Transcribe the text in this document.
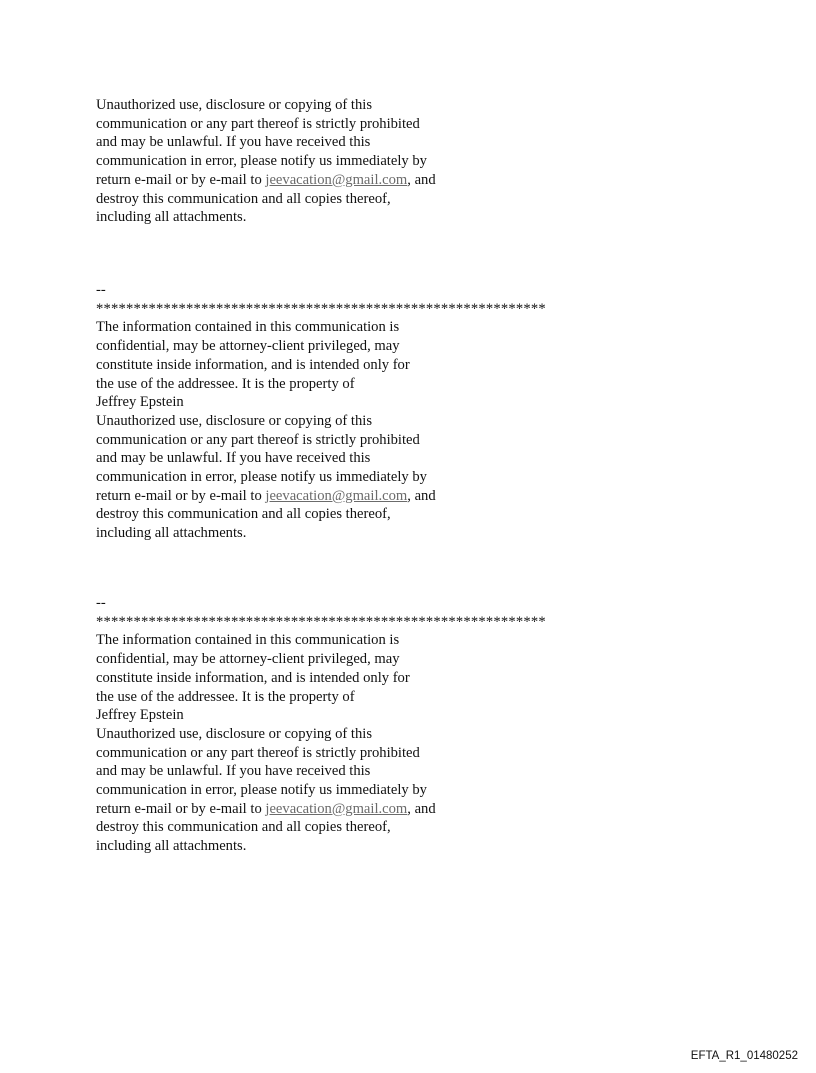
Unauthorized use, disclosure or copying of this
communication or any part thereof is strictly prohibited
and may be unlawful. If you have received this
communication in error, please notify us immediately by
return e-mail or by e-mail to jeevacation@gmail.com, and
destroy this communication and all copies thereof,
including all attachments.
--
************************************************************
The information contained in this communication is
confidential, may be attorney-client privileged, may
constitute inside information, and is intended only for
the use of the addressee. It is the property of
Jeffrey Epstein
Unauthorized use, disclosure or copying of this
communication or any part thereof is strictly prohibited
and may be unlawful. If you have received this
communication in error, please notify us immediately by
return e-mail or by e-mail to jeevacation@gmail.com, and
destroy this communication and all copies thereof,
including all attachments.
--
************************************************************
The information contained in this communication is
confidential, may be attorney-client privileged, may
constitute inside information, and is intended only for
the use of the addressee. It is the property of
Jeffrey Epstein
Unauthorized use, disclosure or copying of this
communication or any part thereof is strictly prohibited
and may be unlawful. If you have received this
communication in error, please notify us immediately by
return e-mail or by e-mail to jeevacation@gmail.com, and
destroy this communication and all copies thereof,
including all attachments.
EFTA_R1_01480252
